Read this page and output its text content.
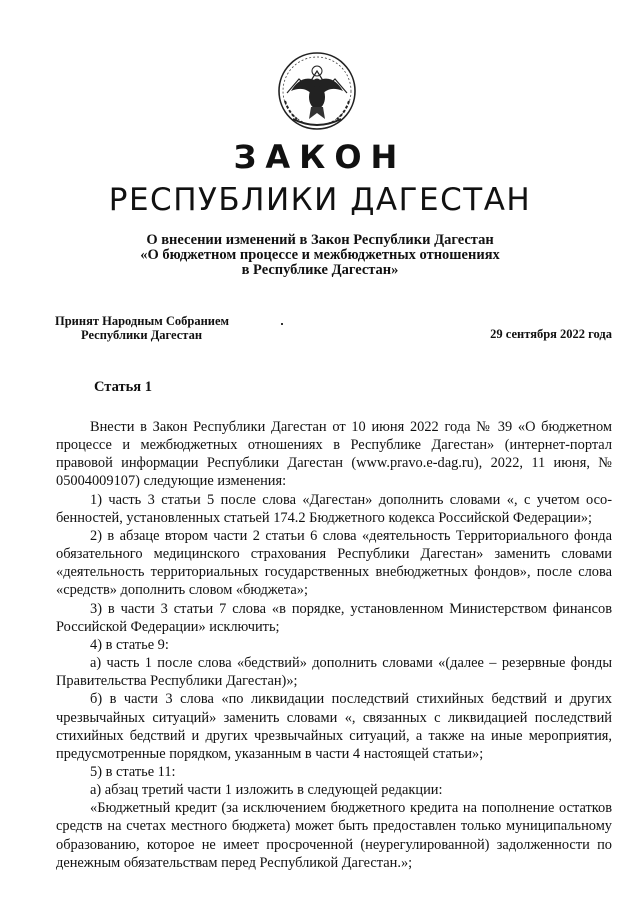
ЗАКОН
РЕСПУБЛИКИ ДАГЕСТАН
О внесении изменений в Закон Республики Дагестан
«О бюджетном процессе и межбюджетных отношениях
в Республике Дагестан»
Принят Народным Собранием
Республики Дагестан	29 сентября 2022 года
Статья 1

Внести в Закон Республики Дагестан от 10 июня 2022 года № 39 «О бюджетном процессе и межбюджетных отношениях в Республике Дагестан» (интернет-портал правовой информации Республики Дагестан (www.pravo.e-dag.ru), 2022, 11 июня, № 05004009107) следующие изменения:

1) часть 3 статьи 5 после слова «Дагестан» дополнить словами «, с учетом особенностей, установленных статьей 174.2 Бюджетного кодекса Российской Федерации»;

2) в абзаце втором части 2 статьи 6 слова «деятельность Территориального фонда обязательного медицинского страхования Республики Дагестан» заменить словами «деятельность территориальных государственных внебюджетных фондов», после слова «средств» дополнить словом «бюджета»;

3) в части 3 статьи 7 слова «в порядке, установленном Министерством финансов Российской Федерации» исключить;

4) в статье 9:

а) часть 1 после слова «бедствий» дополнить словами «(далее – резервные фонды Правительства Республики Дагестан)»;

б) в части 3 слова «по ликвидации последствий стихийных бедствий и других чрезвычайных ситуаций» заменить словами «, связанных с ликвидацией последствий стихийных бедствий и других чрезвычайных ситуаций, а также на иные мероприятия, предусмотренные порядком, указанным в части 4 настоящей статьи»;

5) в статье 11:

а) абзац третий части 1 изложить в следующей редакции:

«Бюджетный кредит (за исключением бюджетного кредита на пополнение остатков средств на счетах местного бюджета) может быть предоставлен только муниципальному образованию, которое не имеет просроченной (неурегулированной) задолженности по денежным обязательствам перед Республикой Дагестан.»;
